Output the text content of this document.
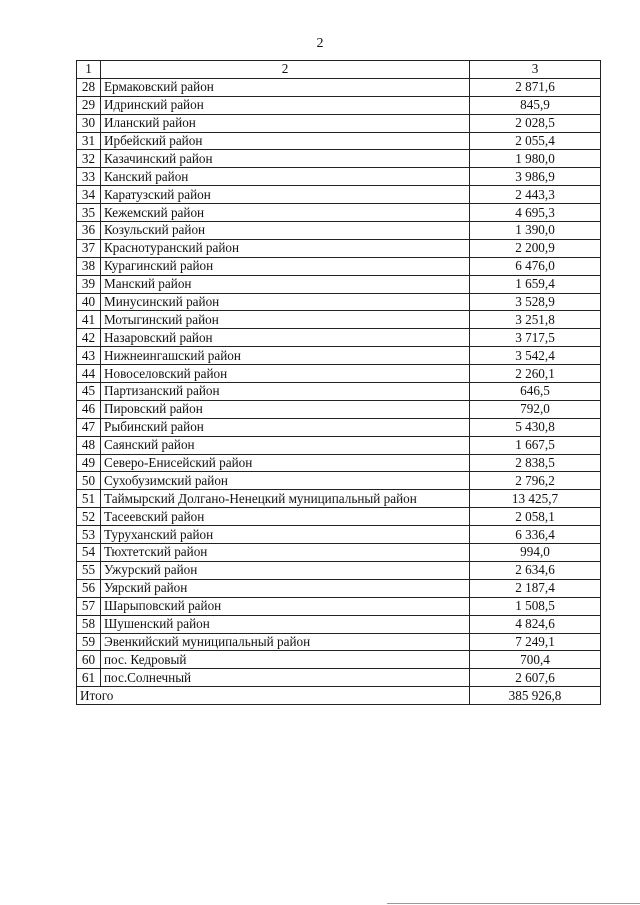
2
1	2	3
28	Ермаковский район	2 871,6
29	Идринский район	845,9
30	Иланский район	2 028,5
31	Ирбейский район	2 055,4
32	Казачинский район	1 980,0
33	Канский район	3 986,9
34	Каратузский район	2 443,3
35	Кежемский район	4 695,3
36	Козульский район	1 390,0
37	Краснотуранский район	2 200,9
38	Курагинский район	6 476,0
39	Манский район	1 659,4
40	Минусинский район	3 528,9
41	Мотыгинский район	3 251,8
42	Назаровский район	3 717,5
43	Нижнеингашский район	3 542,4
44	Новоселовский район	2 260,1
45	Партизанский район	646,5
46	Пировский район	792,0
47	Рыбинский район	5 430,8
48	Саянский район	1 667,5
49	Северо-Енисейский район	2 838,5
50	Сухобузимский район	2 796,2
51	Таймырский Долгано-Ненецкий муниципальный район	13 425,7
52	Тасеевский район	2 058,1
53	Туруханский район	6 336,4
54	Тюхтетский район	994,0
55	Ужурский район	2 634,6
56	Уярский район	2 187,4
57	Шарыповский район	1 508,5
58	Шушенский район	4 824,6
59	Эвенкийский муниципальный район	7 249,1
60	пос. Кедровый	700,4
61	пос.Солнечный	2 607,6
Итого		385 926,8
